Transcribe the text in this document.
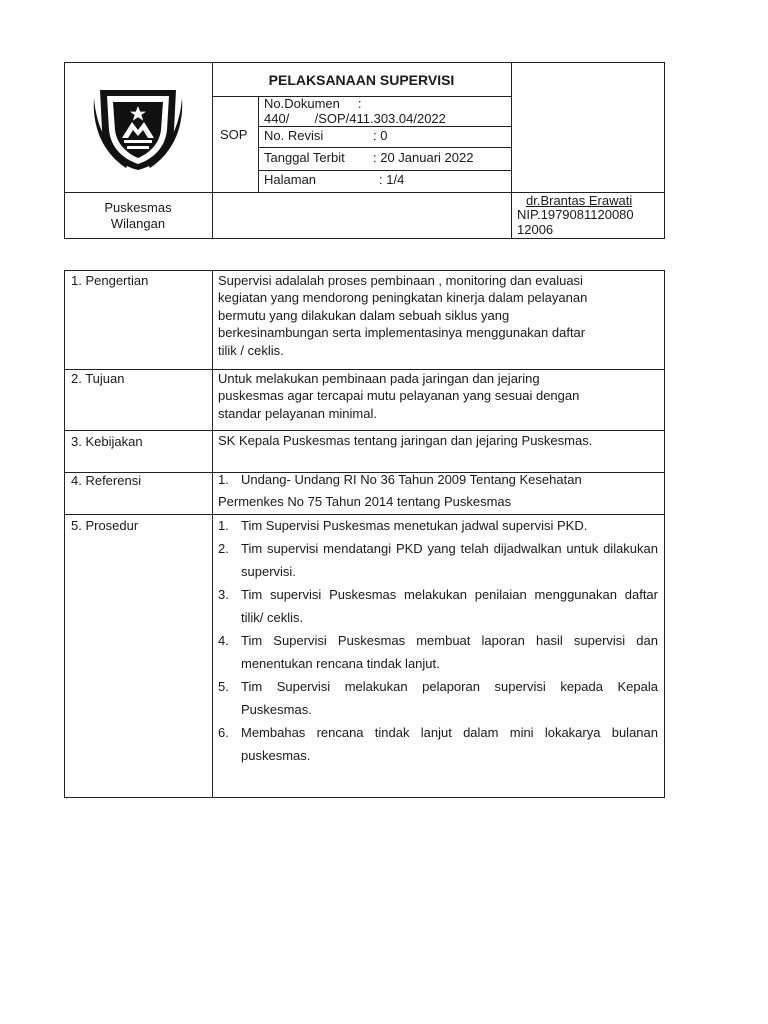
PELAKSANAAN SUPERVISI
SOP
No.Dokumen     :
440/       /SOP/411.303.04/2022
No. Revisi	: 0
Tanggal Terbit : 20 Januari 2022
Halaman	: 1/4
Puskesmas
Wilangan
dr.Brantas Erawati
NIP.1979081120080
12006
1. Pengertian
2. Tujuan
3. Kebijakan
4. Referensi
5. Prosedur
Supervisi adalalah proses pembinaan , monitoring dan evaluasi
kegiatan yang mendorong peningkatan kinerja dalam pelayanan
bermutu yang dilakukan dalam sebuah siklus yang
berkesinambungan serta implementasinya menggunakan daftar
tilik / ceklis.
Untuk melakukan pembinaan pada jaringan dan jejaring
puskesmas agar tercapai mutu pelayanan yang sesuai dengan
standar pelayanan minimal.
SK Kepala Puskesmas tentang jaringan dan jejaring Puskesmas.
1. Undang- Undang RI No 36 Tahun 2009 Tentang Kesehatan
Permenkes No 75 Tahun 2014 tentang Puskesmas
1. Tim Supervisi Puskesmas menetukan jadwal supervisi PKD.
2. Tim supervisi mendatangi PKD yang telah dijadwalkan untuk dilakukan supervisi.
3. Tim supervisi Puskesmas melakukan penilaian menggunakan daftar tilik/ ceklis.
4. Tim Supervisi Puskesmas membuat laporan hasil supervisi dan menentukan rencana tindak lanjut.
5. Tim Supervisi melakukan pelaporan supervisi kepada Kepala Puskesmas.
6. Membahas rencana tindak lanjut dalam mini lokakarya bulanan puskesmas.
